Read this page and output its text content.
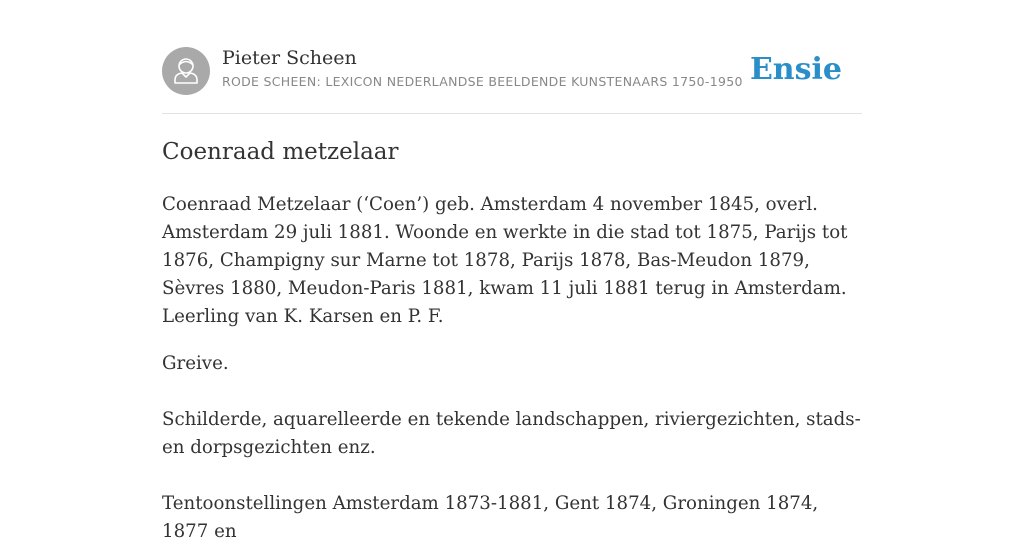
Pieter Scheen
RODE SCHEEN: LEXICON NEDERLANDSE BEELDENDE KUNSTENAARS 1750-1950 Ensie
Coenraad metzelaar

Coenraad Metzelaar (‘Coen’) geb. Amsterdam 4 november 1845, overl. Amsterdam 29 juli 1881. Woonde en werkte in die stad tot 1875, Parijs tot 1876, Champigny sur Marne tot 1878, Parijs 1878, Bas-Meudon 1879, Sèvres 1880, Meudon-Paris 1881, kwam 11 juli 1881 terug in Amsterdam. Leerling van K. Karsen en P. F.

Greive.

Schilderde, aquarelleerde en tekende landschappen, riviergezichten, stads- en dorpsgezichten enz.

Tentoonstellingen Amsterdam 1873-1881, Gent 1874, Groningen 1874, 1877 en
